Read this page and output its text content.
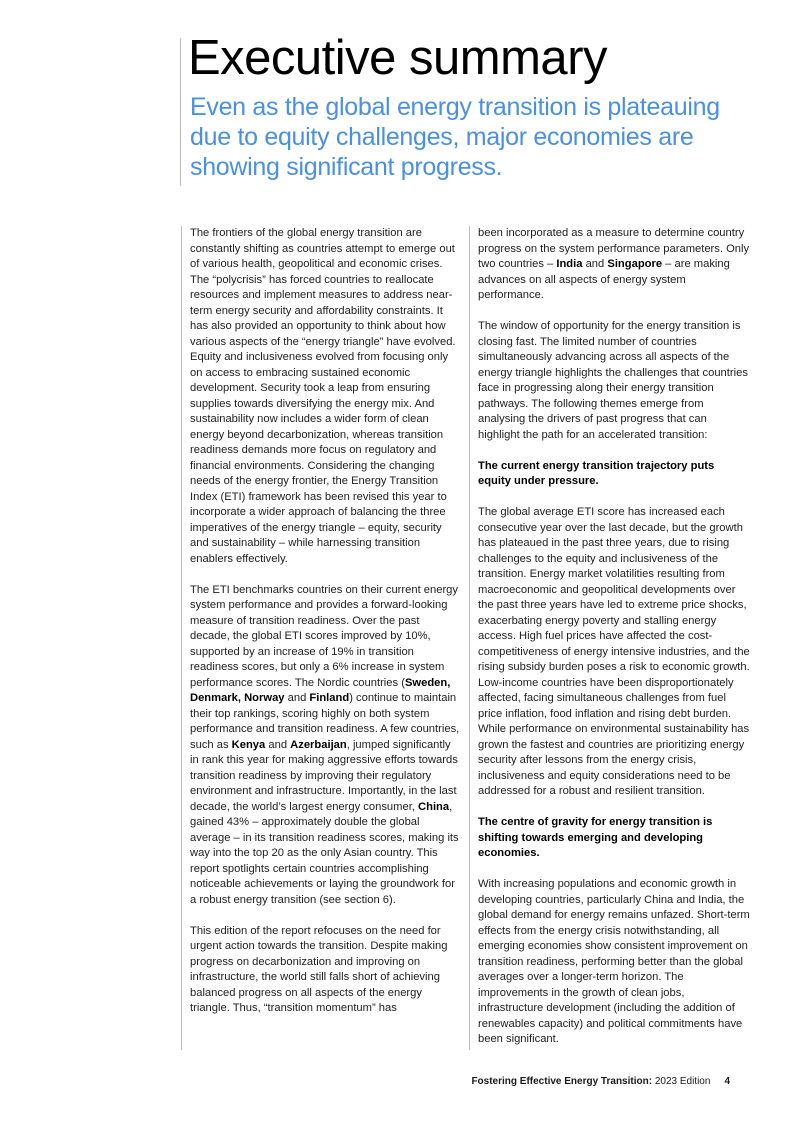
Executive summary
Even as the global energy transition is plateauing due to equity challenges, major economies are showing significant progress.

The frontiers of the global energy transition are constantly shifting as countries attempt to emerge out of various health, geopolitical and economic crises. The “polycrisis” has forced countries to reallocate resources and implement measures to address near-term energy security and affordability constraints. It has also provided an opportunity to think about how various aspects of the “energy triangle” have evolved. Equity and inclusiveness evolved from focusing only on access to embracing sustained economic development. Security took a leap from ensuring supplies towards diversifying the energy mix. And sustainability now includes a wider form of clean energy beyond decarbonization, whereas transition readiness demands more focus on regulatory and financial environments. Considering the changing needs of the energy frontier, the Energy Transition Index (ETI) framework has been revised this year to incorporate a wider approach of balancing the three imperatives of the energy triangle – equity, security and sustainability – while harnessing transition enablers effectively.

The ETI benchmarks countries on their current energy system performance and provides a forward-looking measure of transition readiness. Over the past decade, the global ETI scores improved by 10%, supported by an increase of 19% in transition readiness scores, but only a 6% increase in system performance scores. The Nordic countries (Sweden, Denmark, Norway and Finland) continue to maintain their top rankings, scoring highly on both system performance and transition readiness. A few countries, such as Kenya and Azerbaijan, jumped significantly in rank this year for making aggressive efforts towards transition readiness by improving their regulatory environment and infrastructure. Importantly, in the last decade, the world’s largest energy consumer, China, gained 43% – approximately double the global average – in its transition readiness scores, making its way into the top 20 as the only Asian country. This report spotlights certain countries accomplishing noticeable achievements or laying the groundwork for a robust energy transition (see section 6).

This edition of the report refocuses on the need for urgent action towards the transition. Despite making progress on decarbonization and improving on infrastructure, the world still falls short of achieving balanced progress on all aspects of the energy triangle. Thus, “transition momentum” has

been incorporated as a measure to determine country progress on the system performance parameters. Only two countries – India and Singapore – are making advances on all aspects of energy system performance.

The window of opportunity for the energy transition is closing fast. The limited number of countries simultaneously advancing across all aspects of the energy triangle highlights the challenges that countries face in progressing along their energy transition pathways. The following themes emerge from analysing the drivers of past progress that can highlight the path for an accelerated transition:

The current energy transition trajectory puts equity under pressure.

The global average ETI score has increased each consecutive year over the last decade, but the growth has plateaued in the past three years, due to rising challenges to the equity and inclusiveness of the transition. Energy market volatilities resulting from macroeconomic and geopolitical developments over the past three years have led to extreme price shocks, exacerbating energy poverty and stalling energy access. High fuel prices have affected the cost-competitiveness of energy intensive industries, and the rising subsidy burden poses a risk to economic growth. Low-income countries have been disproportionately affected, facing simultaneous challenges from fuel price inflation, food inflation and rising debt burden. While performance on environmental sustainability has grown the fastest and countries are prioritizing energy security after lessons from the energy crisis, inclusiveness and equity considerations need to be addressed for a robust and resilient transition.

The centre of gravity for energy transition is shifting towards emerging and developing economies.

With increasing populations and economic growth in developing countries, particularly China and India, the global demand for energy remains unfazed. Short-term effects from the energy crisis notwithstanding, all emerging economies show consistent improvement on transition readiness, performing better than the global averages over a longer-term horizon. The improvements in the growth of clean jobs, infrastructure development (including the addition of renewables capacity) and political commitments have been significant.

Fostering Effective Energy Transition: 2023 Edition 4
